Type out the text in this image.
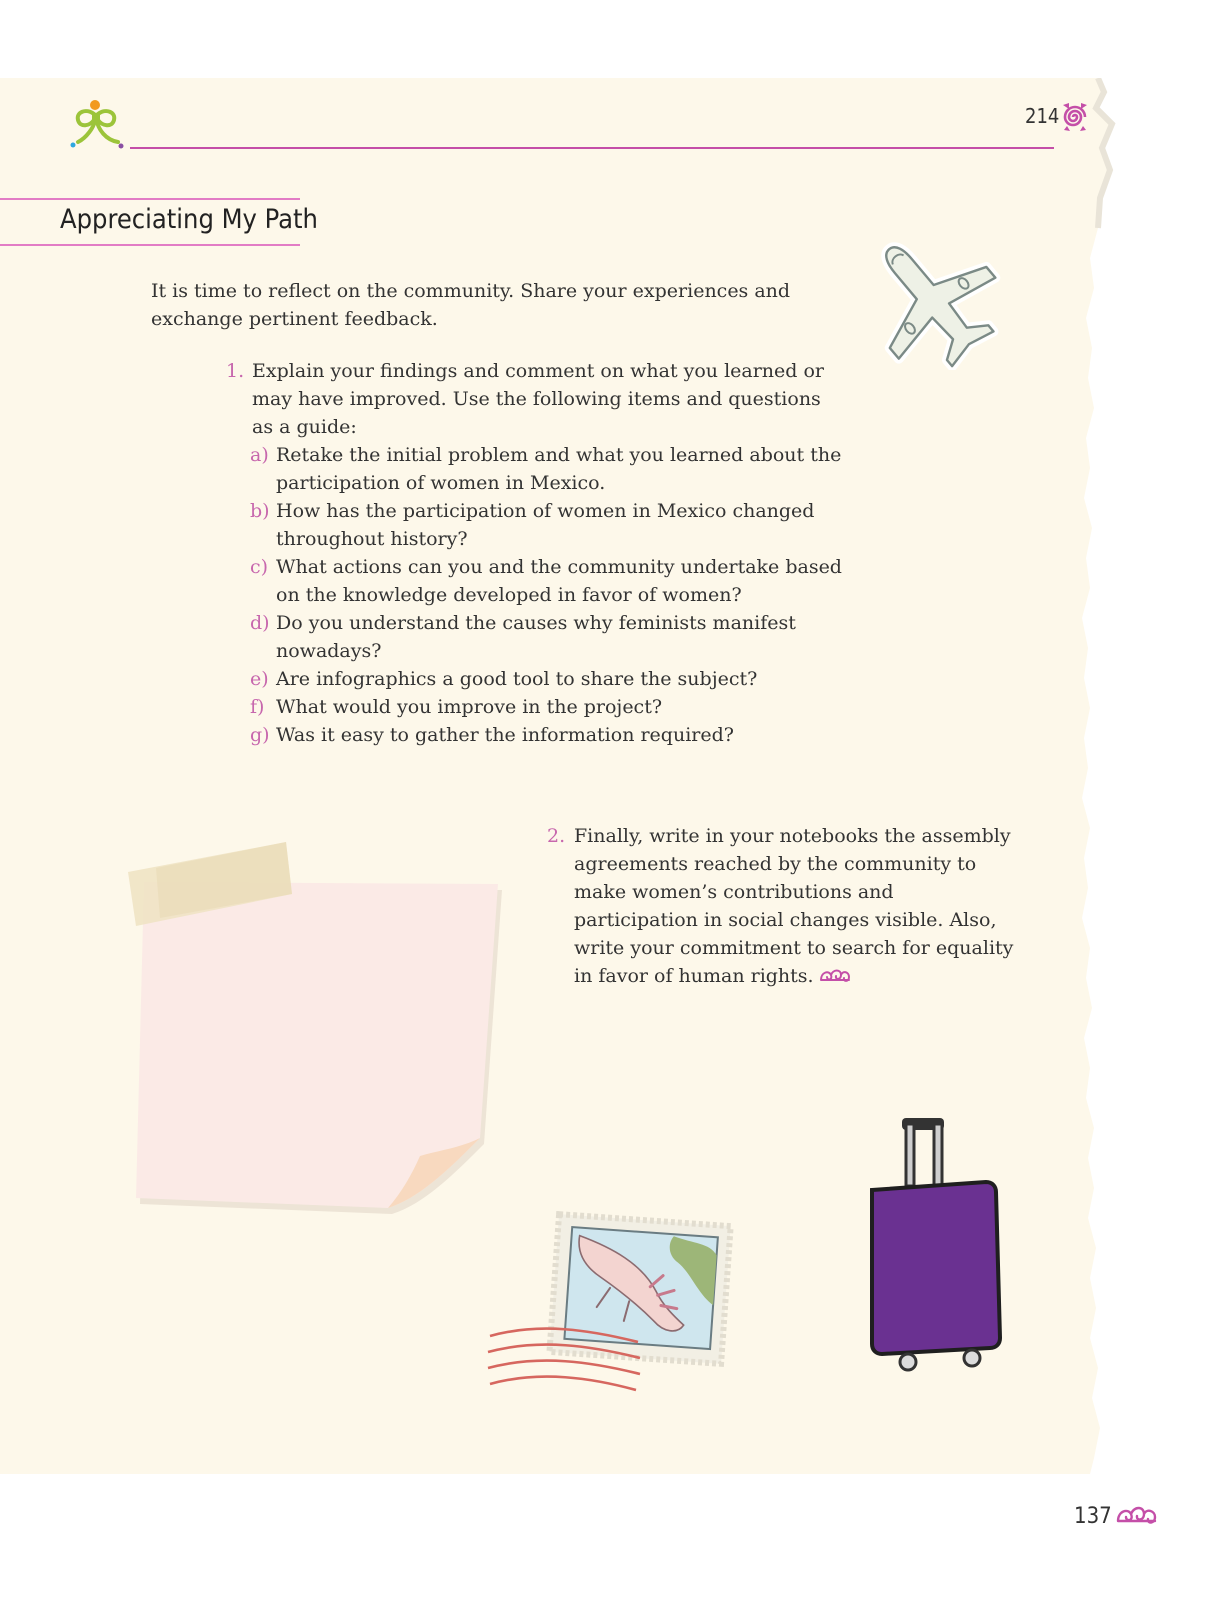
214
Appreciating My Path

It is time to reflect on the community. Share your experiences and exchange pertinent feedback.

1. Explain your findings and comment on what you learned or may have improved. Use the following items and questions as a guide:
a) Retake the initial problem and what you learned about the participation of women in Mexico.
b) How has the participation of women in Mexico changed throughout history?
c) What actions can you and the community undertake based on the knowledge developed in favor of women?
d) Do you understand the causes why feminists manifest nowadays?
e) Are infographics a good tool to share the subject?
f) What would you improve in the project?
g) Was it easy to gather the information required?
2. Finally, write in your notebooks the assembly agreements reached by the community to make women’s contributions and participation in social changes visible. Also, write your commitment to search for equality in favor of human rights.
137
